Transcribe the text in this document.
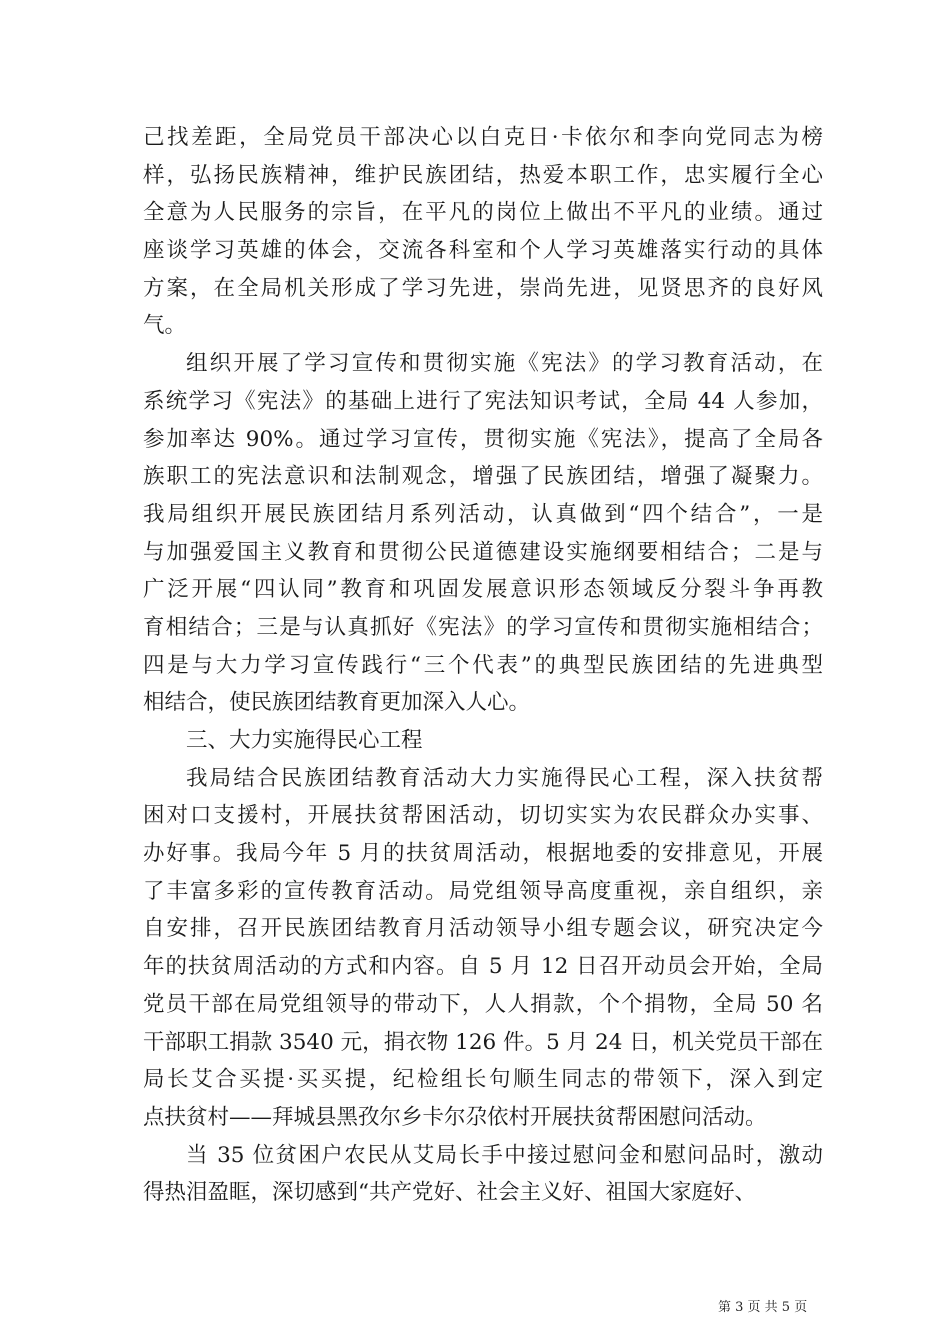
己找差距，全局党员干部决心以白克日·卡依尔和李向党同志为榜
样，弘扬民族精神，维护民族团结，热爱本职工作，忠实履行全心
全意为人民服务的宗旨，在平凡的岗位上做出不平凡的业绩。通过
座谈学习英雄的体会，交流各科室和个人学习英雄落实行动的具体
方案，在全局机关形成了学习先进，崇尚先进，见贤思齐的良好风
气。
组织开展了学习宣传和贯彻实施《宪法》的学习教育活动，在
系统学习《宪法》的基础上进行了宪法知识考试，全局 44 人参加，
参加率达 90%。通过学习宣传，贯彻实施《宪法》，提高了全局各
族职工的宪法意识和法制观念，增强了民族团结，增强了凝聚力。
我局组织开展民族团结月系列活动，认真做到“四个结合”，一是
与加强爱国主义教育和贯彻公民道德建设实施纲要相结合；二是与
广泛开展“四认同”教育和巩固发展意识形态领域反分裂斗争再教
育相结合；三是与认真抓好《宪法》的学习宣传和贯彻实施相结合；
四是与大力学习宣传践行“三个代表”的典型民族团结的先进典型
相结合，使民族团结教育更加深入人心。
三、大力实施得民心工程
我局结合民族团结教育活动大力实施得民心工程，深入扶贫帮
困对口支援村，开展扶贫帮困活动，切切实实为农民群众办实事、
办好事。我局今年 5 月的扶贫周活动，根据地委的安排意见，开展
了丰富多彩的宣传教育活动。局党组领导高度重视，亲自组织，亲
自安排，召开民族团结教育月活动领导小组专题会议，研究决定今
年的扶贫周活动的方式和内容。自 5 月 12 日召开动员会开始，全局
党员干部在局党组领导的带动下，人人捐款，个个捐物，全局 50 名
干部职工捐款 3540 元，捐衣物 126 件。5 月 24 日，机关党员干部在
局长艾合买提·买买提，纪检组长句顺生同志的带领下，深入到定
点扶贫村——拜城县黑孜尔乡卡尔尕依村开展扶贫帮困慰问活动。
当 35 位贫困户农民从艾局长手中接过慰问金和慰问品时，激动
得热泪盈眶，深切感到“共产党好、社会主义好、祖国大家庭好、
第 3 页 共 5 页
